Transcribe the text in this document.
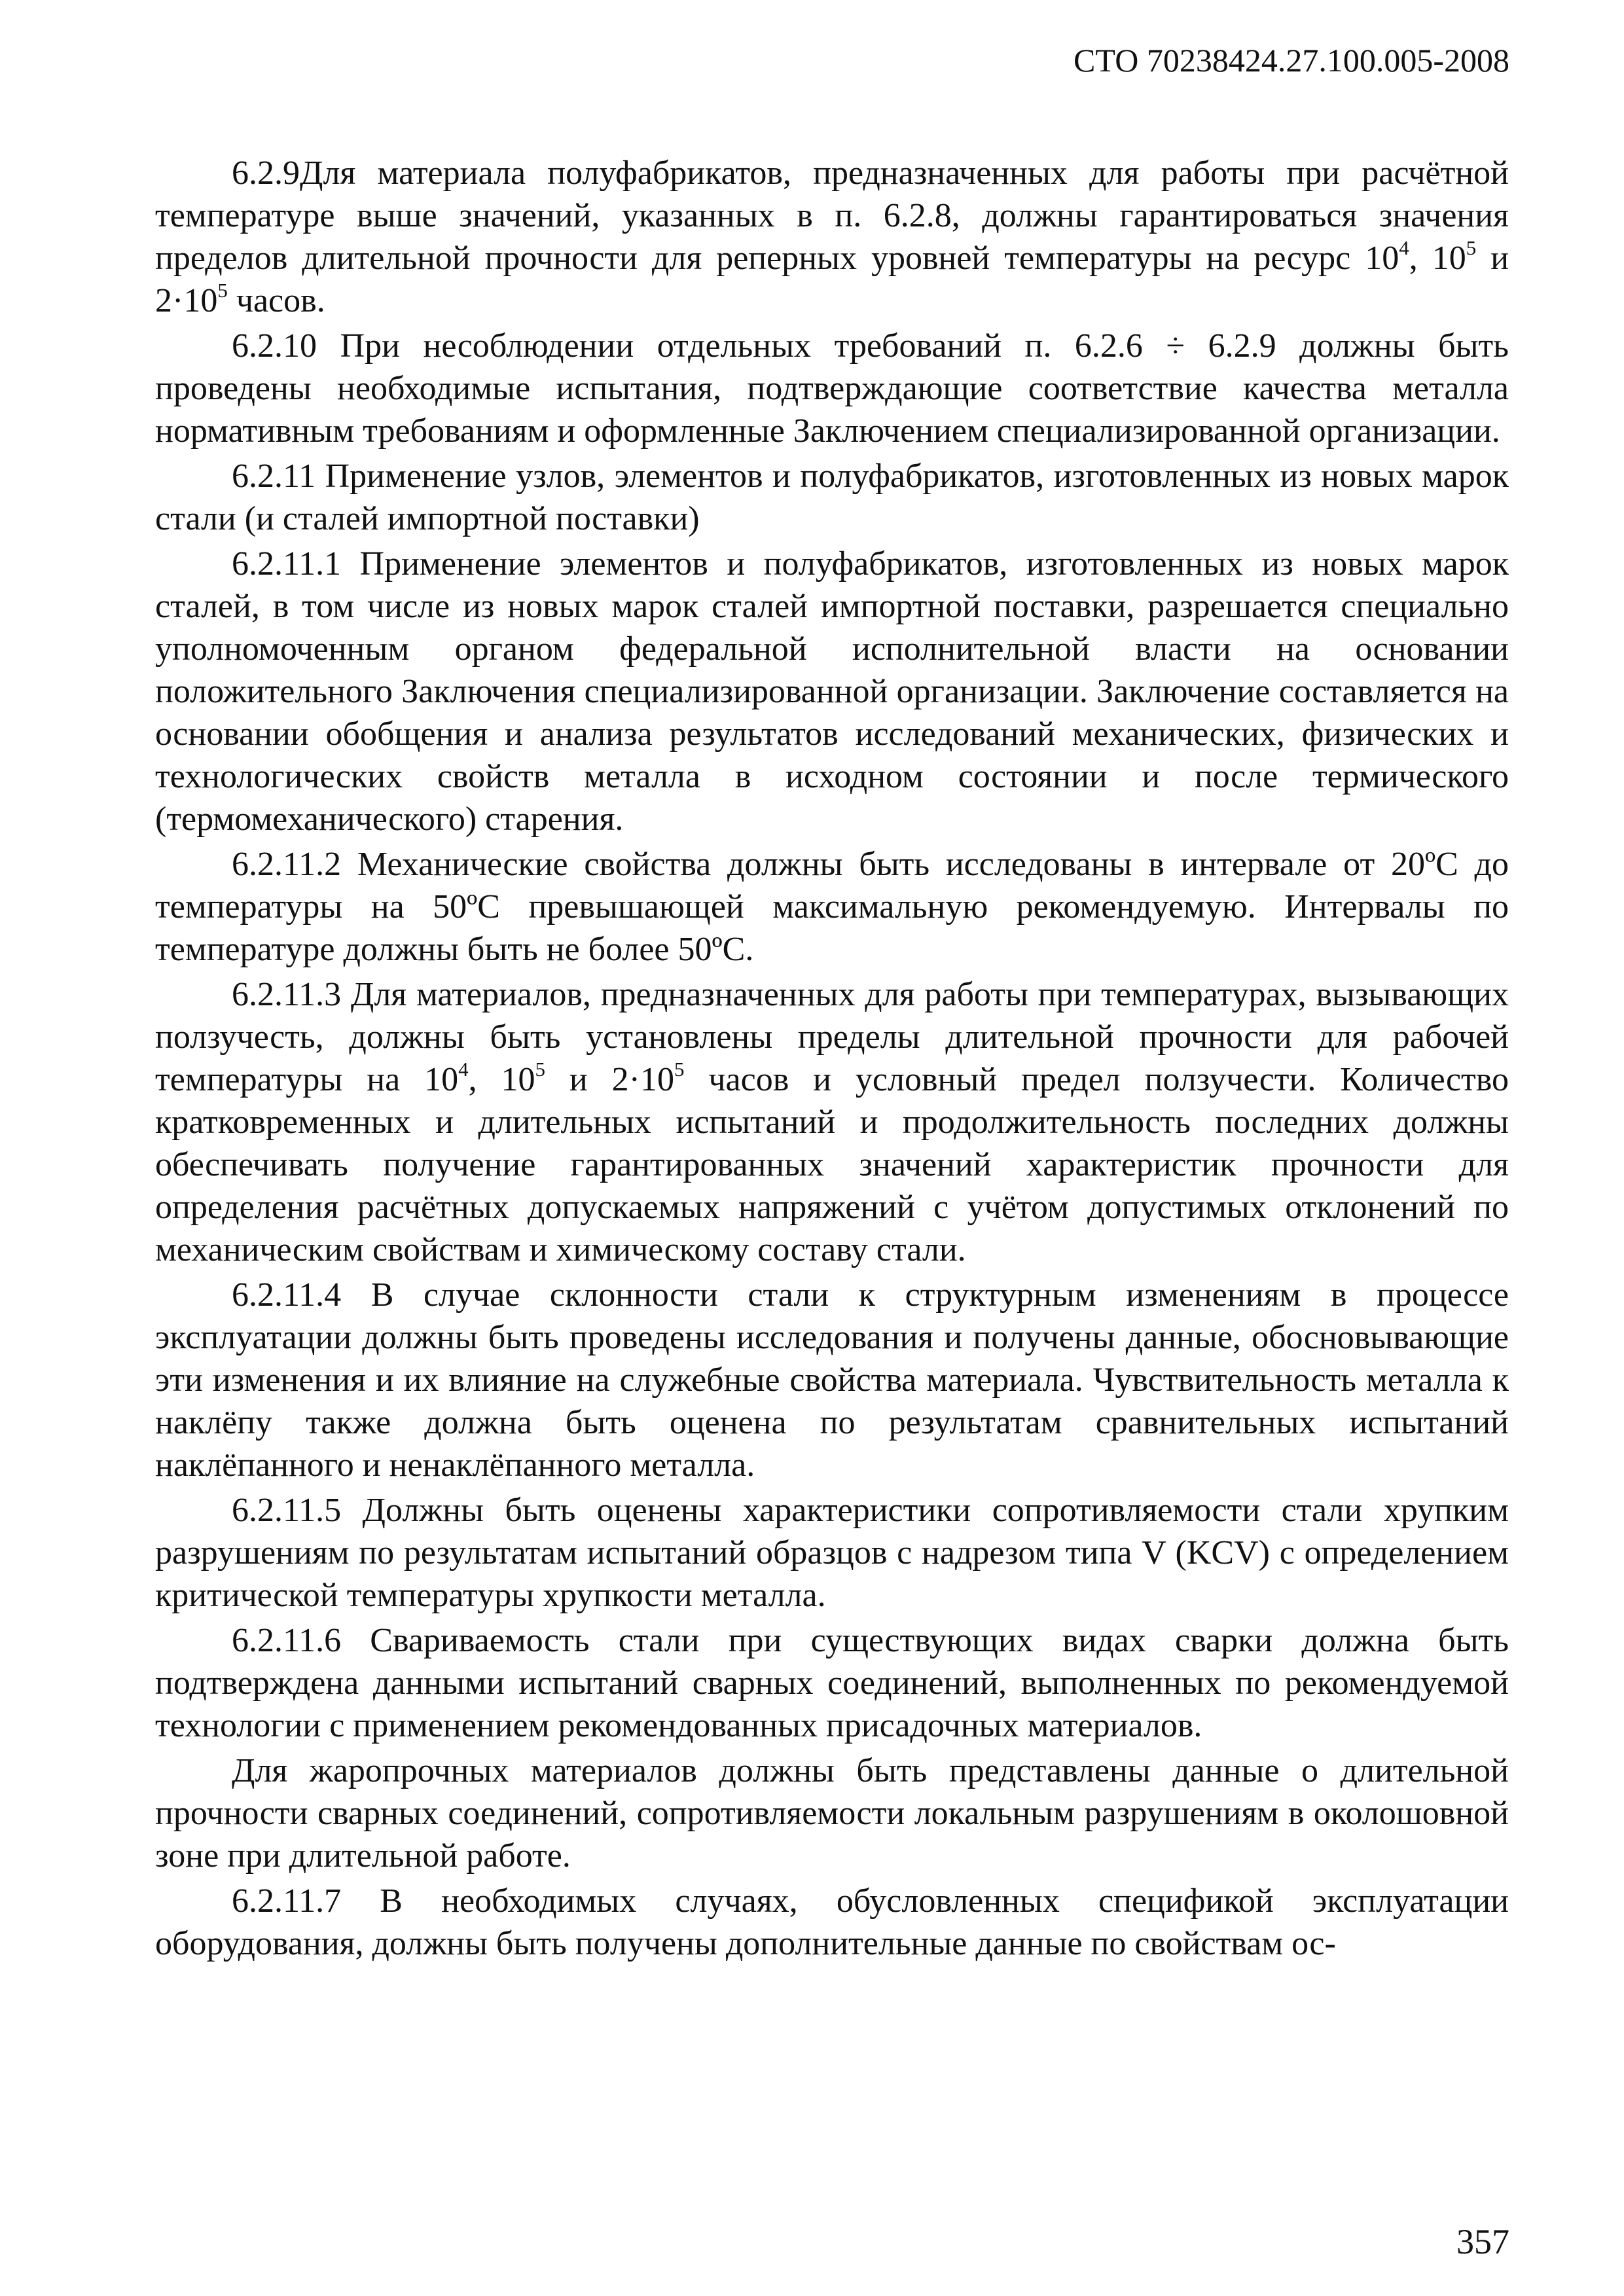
СТО 70238424.27.100.005-2008

6.2.9Для материала полуфабрикатов, предназначенных для работы при расчётной температуре выше значений, указанных в п. 6.2.8, должны гарантироваться значения пределов длительной прочности для реперных уровней температуры на ресурс $10^4$, $10^5$ и $2\cdot 10^5$ часов.

6.2.10 При несоблюдении отдельных требований п. 6.2.6 ÷ 6.2.9 должны быть проведены необходимые испытания, подтверждающие соответствие качества металла нормативным требованиям и оформленные Заключением специализированной организации.

6.2.11 Применение узлов, элементов и полуфабрикатов, изготовленных из новых марок стали (и сталей импортной поставки)

6.2.11.1 Применение элементов и полуфабрикатов, изготовленных из новых марок сталей, в том числе из новых марок сталей импортной поставки, разрешается специально уполномоченным органом федеральной исполнительной власти на основании положительного Заключения специализированной организации. Заключение составляется на основании обобщения и анализа результатов исследований механических, физических и технологических свойств металла в исходном состоянии и после термического (термомеханического) старения.

6.2.11.2 Механические свойства должны быть исследованы в интервале от 20ºС до температуры на 50ºС превышающей максимальную рекомендуемую. Интервалы по температуре должны быть не более 50ºС.

6.2.11.3 Для материалов, предназначенных для работы при температурах, вызывающих ползучесть, должны быть установлены пределы длительной прочности для рабочей температуры на $10^4$, $10^5$ и $2\cdot 10^5$ часов и условный предел ползучести. Количество кратковременных и длительных испытаний и продолжительность последних должны обеспечивать получение гарантированных значений характеристик прочности для определения расчётных допускаемых напряжений с учётом допустимых отклонений по механическим свойствам и химическому составу стали.

6.2.11.4 В случае склонности стали к структурным изменениям в процессе эксплуатации должны быть проведены исследования и получены данные, обосновывающие эти изменения и их влияние на служебные свойства материала. Чувствительность металла к наклёпу также должна быть оценена по результатам сравнительных испытаний наклёпанного и ненаклёпанного металла.

6.2.11.5 Должны быть оценены характеристики сопротивляемости стали хрупким разрушениям по результатам испытаний образцов с надрезом типа V (KCV) с определением критической температуры хрупкости металла.

6.2.11.6 Свариваемость стали при существующих видах сварки должна быть подтверждена данными испытаний сварных соединений, выполненных по рекомендуемой технологии с применением рекомендованных присадочных материалов.

Для жаропрочных материалов должны быть представлены данные о длительной прочности сварных соединений, сопротивляемости локальным разрушениям в околошовной зоне при длительной работе.

6.2.11.7 В необходимых случаях, обусловленных спецификой эксплуатации оборудования, должны быть получены дополнительные данные по свойствам ос-

357
